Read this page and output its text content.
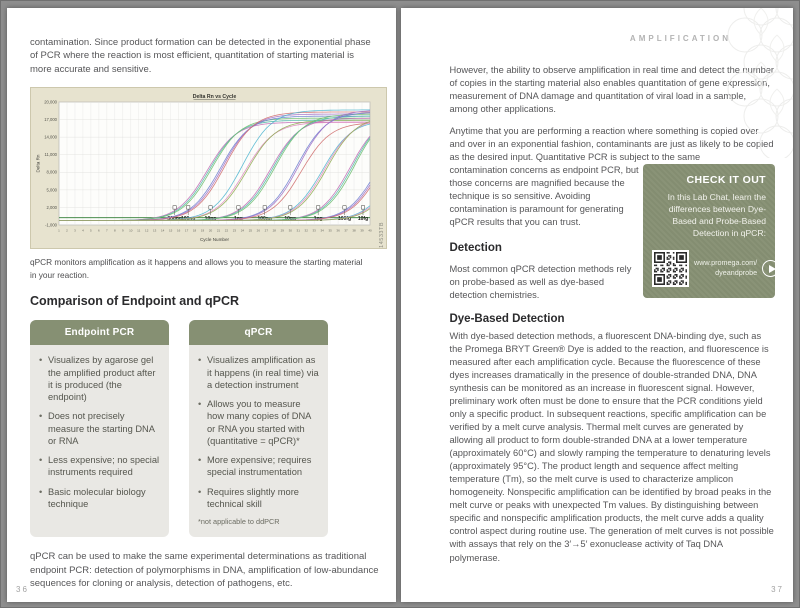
contamination. Since product formation can be detected in the exponential phase of PCR where the reaction is most efficient, quantitation of starting material is more accurate and sensitive.

1 2 3 4 5 6 7 8 9 10 11 12 13 14 15 16 17 18 19 20 21 22 23 24 25 26 27 28 29 30 31 32 33 34 35 36 37 38 39 40
20,000
17,000
14,000
11,000
8,000
5,000
2,000
-1,000
300ng 100ng 10ng	1ng	100pg 10pg	1pg	100fg 10fg
Delta Rn vs Cycle
Cycle Number
Delta Rn
14533TB

qPCR monitors amplification as it happens and allows you to measure the starting material in your reaction.

Comparison of Endpoint and qPCR
Endpoint PCR
• Visualizes by agarose gel the amplified product after it is produced (the endpoint)
• Does not precisely measure the starting DNA or RNA
• Less expensive; no special instruments required
• Basic molecular biology technique
qPCR
• Visualizes amplification as it happens (in real time) via a detection instrument
• Allows you to measure how many copies of DNA or RNA you started with (quantitative = qPCR)*
• More expensive; requires special instrumentation
• Requires slightly more technical skill
*not applicable to ddPCR

qPCR can be used to make the same experimental determinations as traditional endpoint PCR: detection of polymorphisms in DNA, amplification of low-abundance sequences for cloning or analysis, detection of pathogens, etc.

36
AMPLIFICATION

However, the ability to observe amplification in real time and detect the number of copies in the starting material also enables quantitation of gene expression, measurement of DNA damage and quantitation of viral load in a sample, among other applications.

Anytime that you are performing a reaction where something is copied over and over in an exponential fashion, contaminants are just as likely to be copied as the desired input. Quantitative PCR is subject to the same

contamination concerns as endpoint PCR, but those concerns are magnified because the technique is so sensitive. Avoiding contamination is paramount for generating qPCR results that you can trust.

Detection

Most common qPCR detection methods rely on probe-based as well as dye-based detection chemistries.

CHECK IT OUT
In this Lab Chat, learn the differences between Dye-Based and Probe-Based Detection in qPCR:
www.promega.com/
dyeandprobe
Dye-Based Detection

With dye-based detection methods, a fluorescent DNA-binding dye, such as the Promega BRYT Green® Dye is added to the reaction, and fluorescence is measured after each amplification cycle. Because the fluorescence of these dyes increases dramatically in the presence of double-stranded DNA, DNA synthesis can be monitored as an increase in fluorescent signal. However, preliminary work often must be done to ensure that the PCR conditions yield only a specific product. In subsequent reactions, specific amplification can be verified by a melt curve analysis. Thermal melt curves are generated by allowing all product to form double-stranded DNA at a lower temperature (approximately 60°C) and slowly ramping the temperature to denaturing levels (approximately 95°C). The product length and sequence affect melting temperature (Tm), so the melt curve is used to characterize amplicon homogeneity. Nonspecific amplification can be identified by broad peaks in the melt curve or peaks with unexpected Tm values. By distinguishing between specific and nonspecific amplification products, the melt curve adds a quality control aspect during routine use. The generation of melt curves is not possible with assays that rely on the 3′→5′ exonuclease activity of Taq DNA polymerase.

37
